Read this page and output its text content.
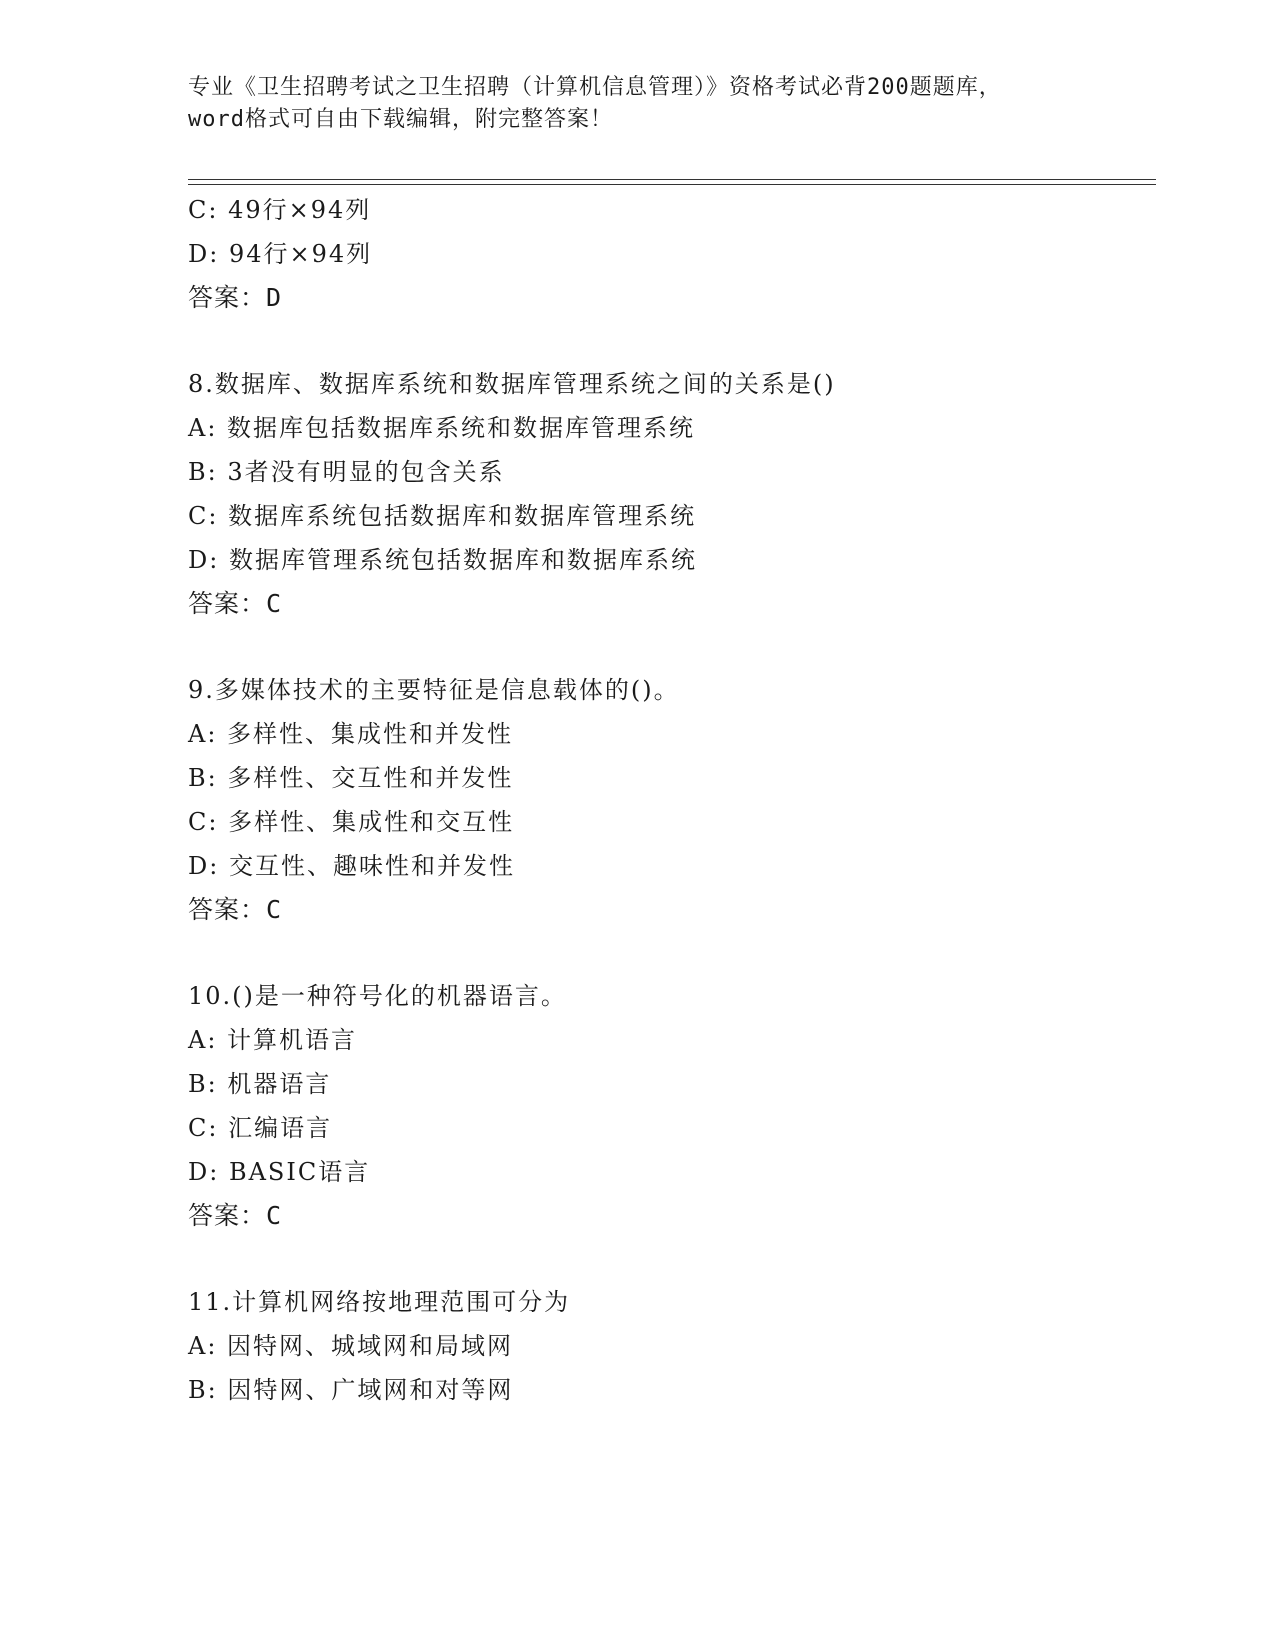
专业《卫生招聘考试之卫生招聘（计算机信息管理）》资格考试必背200题题库，
word格式可自由下载编辑，附完整答案！
C: 49行×94列
D: 94行×94列
答案：D
8.数据库、数据库系统和数据库管理系统之间的关系是()
A: 数据库包括数据库系统和数据库管理系统
B: 3者没有明显的包含关系
C: 数据库系统包括数据库和数据库管理系统
D: 数据库管理系统包括数据库和数据库系统
答案：C
9.多媒体技术的主要特征是信息载体的()。
A: 多样性、集成性和并发性
B: 多样性、交互性和并发性
C: 多样性、集成性和交互性
D: 交互性、趣味性和并发性
答案：C
10.()是一种符号化的机器语言。
A: 计算机语言
B: 机器语言
C: 汇编语言
D: BASIC语言
答案：C
11.计算机网络按地理范围可分为
A: 因特网、城域网和局域网
B: 因特网、广域网和对等网
